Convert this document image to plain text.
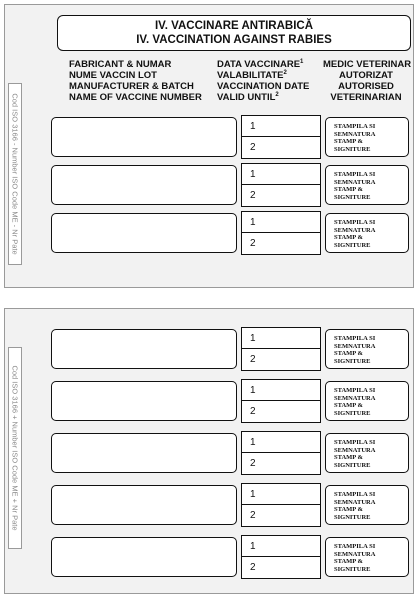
IV. VACCINARE ANTIRABICĂ
IV. VACCINATION AGAINST RABIES
FABRICANT & NUMAR
NUME VACCIN LOT
MANUFACTURER & BATCH
NAME OF VACCINE NUMBER
DATA VACCINARE$^1$
VALABILITATE$^2$
VACCINATION DATE
VALID UNTIL$^2$
MEDIC VETERINAR
AUTORIZAT
AUTORISED
VETERINARIAN
1
2
STAMPILA SI
SEMNATURA
STAMP &
SIGNITURE
1
2
STAMPILA SI
SEMNATURA
STAMP &
SIGNITURE
1
2
STAMPILA SI
SEMNATURA
STAMP &
SIGNITURE
Cod ISO 3166 - Number ISO Code ME - Nr Pate
1
2
STAMPILA SI
SEMNATURA
STAMP &
SIGNITURE
1
2
STAMPILA SI
SEMNATURA
STAMP &
SIGNITURE
1
2
STAMPILA SI
SEMNATURA
STAMP &
SIGNITURE
1
2
STAMPILA SI
SEMNATURA
STAMP &
SIGNITURE
1
2
STAMPILA SI
SEMNATURA
STAMP &
SIGNITURE
Cod ISO 3166 + Number ISO Code ME + Nr Pate
